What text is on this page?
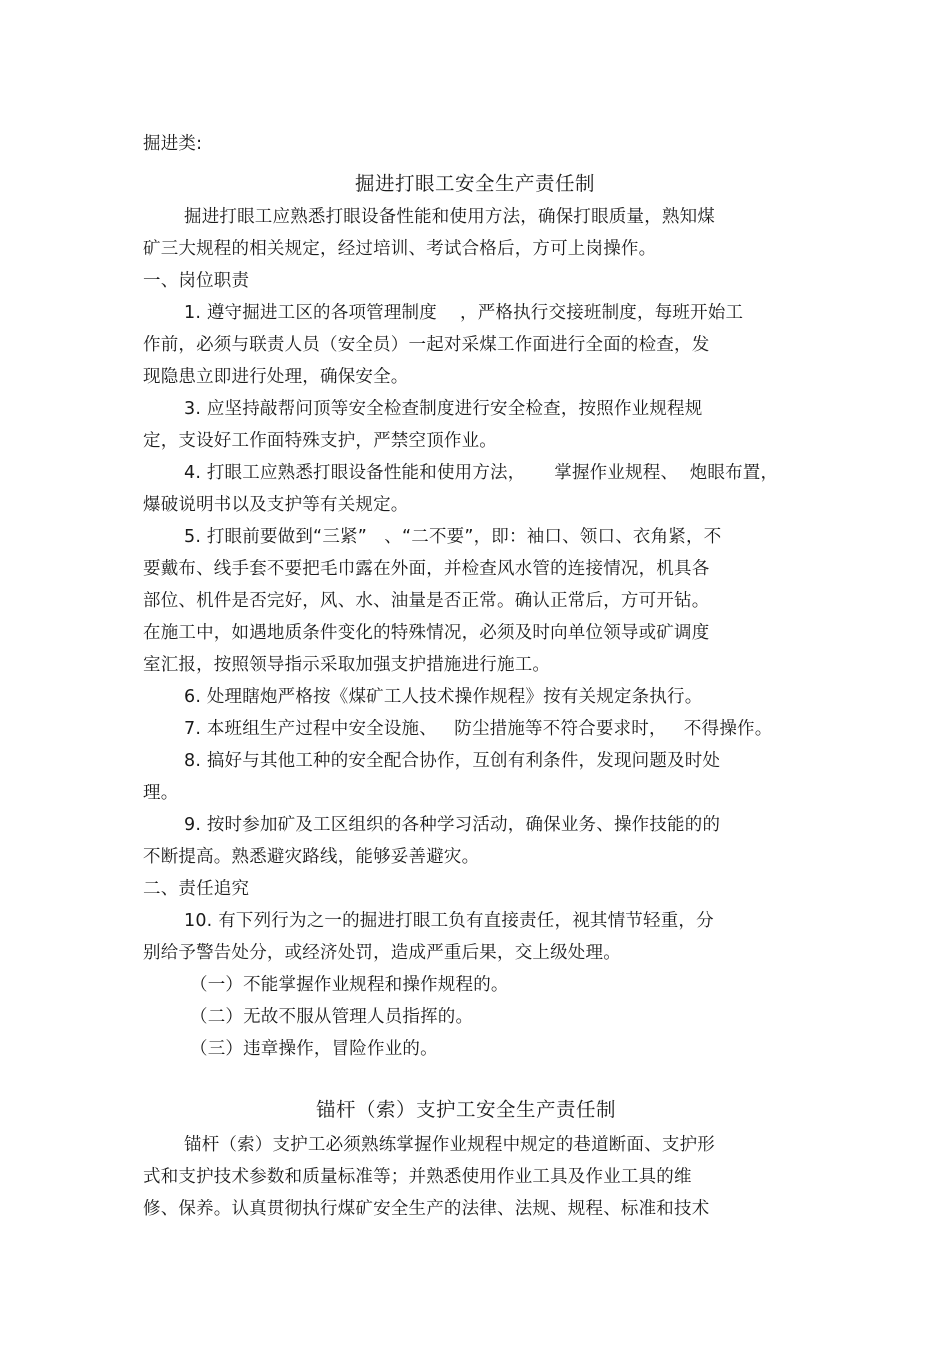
掘进类:
掘进打眼工安全生产责任制
掘进打眼工应熟悉打眼设备性能和使用方法，确保打眼质量，熟知煤
矿三大规程的相关规定，经过培训、考试合格后，方可上岗操作。
一、岗位职责
1. 遵守掘进工区的各项管理制度    ，严格执行交接班制度，每班开始工
作前，必须与联责人员（安全员）一起对采煤工作面进行全面的检查，发
现隐患立即进行处理，确保安全。
3. 应坚持敲帮问顶等安全检查制度进行安全检查，按照作业规程规
定，支设好工作面特殊支护，严禁空顶作业。
4. 打眼工应熟悉打眼设备性能和使用方法，     掌握作业规程、  炮眼布置，
爆破说明书以及支护等有关规定。
5. 打眼前要做到“三紧”   、“二不要”，即：袖口、领口、衣角紧，不
要戴布、线手套不要把毛巾露在外面，并检查风水管的连接情况，机具各
部位、机件是否完好，风、水、油量是否正常。确认正常后，方可开钻。
在施工中，如遇地质条件变化的特殊情况，必须及时向单位领导或矿调度
室汇报，按照领导指示采取加强支护措施进行施工。
6. 处理瞎炮严格按《煤矿工人技术操作规程》按有关规定条执行。
7. 本班组生产过程中安全设施、   防尘措施等不符合要求时，   不得操作。
8. 搞好与其他工种的安全配合协作，互创有利条件，发现问题及时处
理。
9. 按时参加矿及工区组织的各种学习活动，确保业务、操作技能的的
不断提高。熟悉避灾路线，能够妥善避灾。
二、责任追究
10. 有下列行为之一的掘进打眼工负有直接责任，视其情节轻重，分
别给予警告处分，或经济处罚，造成严重后果，交上级处理。
（一）不能掌握作业规程和操作规程的。
（二）无故不服从管理人员指挥的。
（三）违章操作，冒险作业的。
锚杆（索）支护工安全生产责任制
锚杆（索）支护工必须熟练掌握作业规程中规定的巷道断面、支护形
式和支护技术参数和质量标准等；并熟悉使用作业工具及作业工具的维
修、保养。认真贯彻执行煤矿安全生产的法律、法规、规程、标准和技术
